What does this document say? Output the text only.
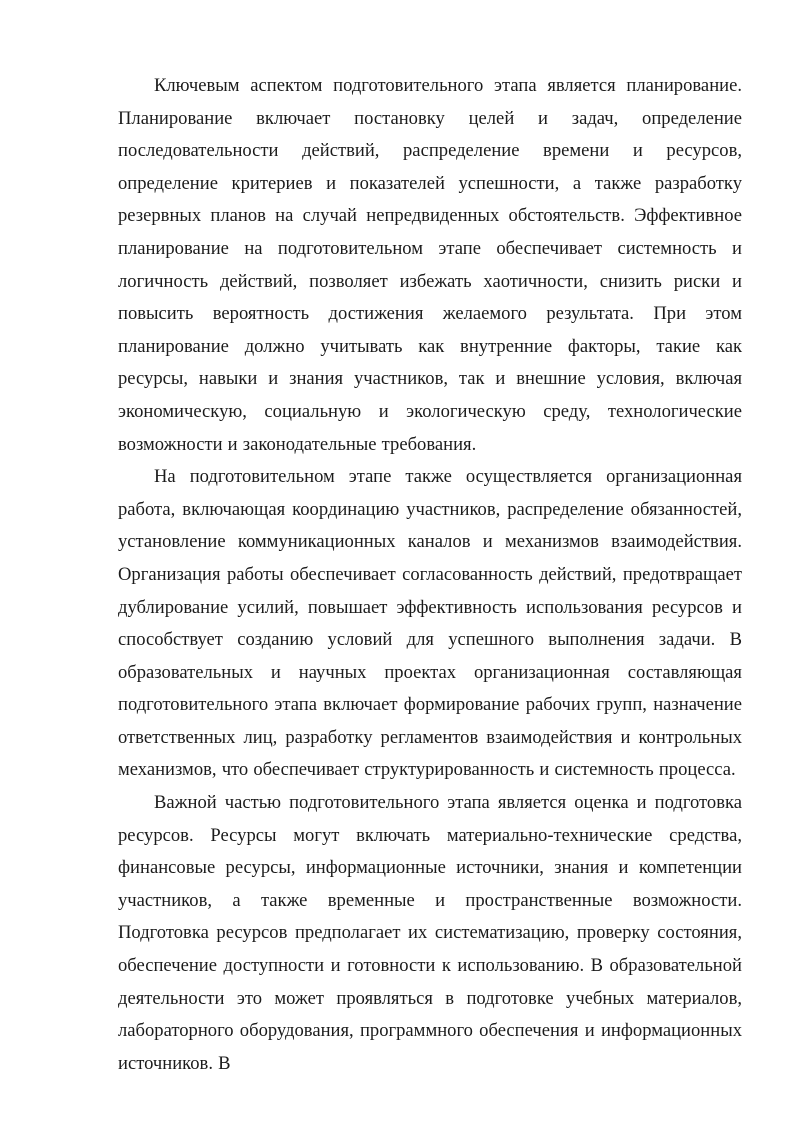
Ключевым аспектом подготовительного этапа является планирование. Планирование включает постановку целей и задач, определение последовательности действий, распределение времени и ресурсов, определение критериев и показателей успешности, а также разработку резервных планов на случай непредвиденных обстоятельств. Эффективное планирование на подготовительном этапе обеспечивает системность и логичность действий, позволяет избежать хаотичности, снизить риски и повысить вероятность достижения желаемого результата. При этом планирование должно учитывать как внутренние факторы, такие как ресурсы, навыки и знания участников, так и внешние условия, включая экономическую, социальную и экологическую среду, технологические возможности и законодательные требования.

На подготовительном этапе также осуществляется организационная работа, включающая координацию участников, распределение обязанностей, установление коммуникационных каналов и механизмов взаимодействия. Организация работы обеспечивает согласованность действий, предотвращает дублирование усилий, повышает эффективность использования ресурсов и способствует созданию условий для успешного выполнения задачи. В образовательных и научных проектах организационная составляющая подготовительного этапа включает формирование рабочих групп, назначение ответственных лиц, разработку регламентов взаимодействия и контрольных механизмов, что обеспечивает структурированность и системность процесса.

Важной частью подготовительного этапа является оценка и подготовка ресурсов. Ресурсы могут включать материально-технические средства, финансовые ресурсы, информационные источники, знания и компетенции участников, а также временные и пространственные возможности. Подготовка ресурсов предполагает их систематизацию, проверку состояния, обеспечение доступности и готовности к использованию. В образовательной деятельности это может проявляться в подготовке учебных материалов, лабораторного оборудования, программного обеспечения и информационных источников. В
